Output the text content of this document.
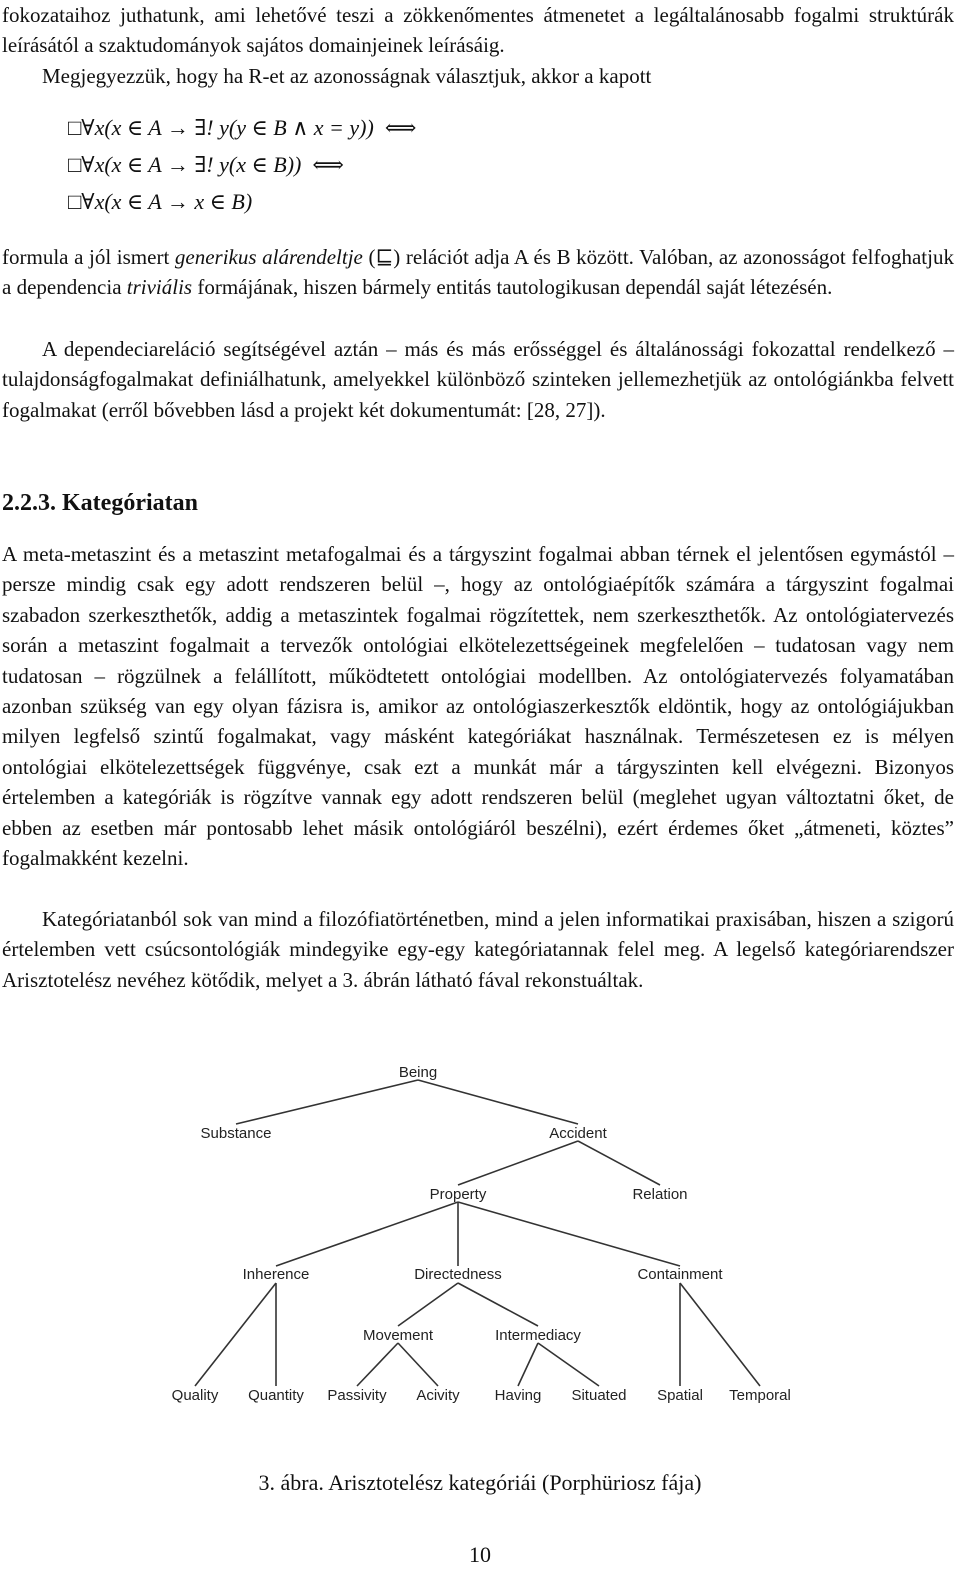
fokozataihoz juthatunk, ami lehetővé teszi a zökkenőmentes átmenetet a legáltalánosabb fogalmi struktúrák leírásától a szaktudományok sajátos domainjeinek leírásáig.

Megjegyezzük, hogy ha R-et az azonosságnak választjuk, akkor a kapott

□∀x(x ∈ A → ∃! y(y ∈ B ∧ x = y))  ⟺
□∀x(x ∈ A → ∃! y(x ∈ B))  ⟺
□∀x(x ∈ A → x ∈ B)

formula a jól ismert generikus alárendeltje (⊑) relációt adja A és B között. Valóban, az azonosságot felfoghatjuk a dependencia triviális formájának, hiszen bármely entitás tautologikusan dependál saját létezésén.

A dependeciareláció segítségével aztán – más és más erősséggel és általánossági fokozattal rendelkező – tulajdonságfogalmakat definiálhatunk, amelyekkel különböző szinteken jellemezhetjük az ontológiánkba felvett fogalmakat (erről bővebben lásd a projekt két dokumentumát: [28, 27]).

2.2.3. Kategóriatan

A meta-metaszint és a metaszint metafogalmai és a tárgyszint fogalmai abban térnek el jelentősen egymástól – persze mindig csak egy adott rendszeren belül –, hogy az ontológiaépítők számára a tárgyszint fogalmai szabadon szerkeszthetők, addig a metaszintek fogalmai rögzítettek, nem szerkeszthetők. Az ontológiatervezés során a metaszint fogalmait a tervezők ontológiai elkötelezettségeinek megfelelően – tudatosan vagy nem tudatosan – rögzülnek a felállított, működtetett ontológiai modellben. Az ontológiatervezés folyamatában azonban szükség van egy olyan fázisra is, amikor az ontológiaszerkesztők eldöntik, hogy az ontológiájukban milyen legfelső szintű fogalmakat, vagy másként kategóriákat használnak. Természetesen ez is mélyen ontológiai elkötelezettségek függvénye, csak ezt a munkát már a tárgyszinten kell elvégezni. Bizonyos értelemben a kategóriák is rögzítve vannak egy adott rendszeren belül (meglehet ugyan változtatni őket, de ebben az esetben már pontosabb lehet másik ontológiáról beszélni), ezért érdemes őket „átmeneti, köztes” fogalmakként kezelni.

Kategóriatanból sok van mind a filozófiatörténetben, mind a jelen informatikai praxisában, hiszen a szigorú értelemben vett csúcsontológiák mindegyike egy-egy kategóriatannak felel meg. A legelső kategóriarendszer Arisztotelész nevéhez kötődik, melyet a 3. ábrán látható fával rekonstuáltak.

Being
Substance	Accident
Property	Relation
Inherence	Directedness	Containment
Movement	Intermediacy
Quality Quantity Passivity Acivity Having Situated Spatial Temporal
3. ábra. Arisztotelész kategóriái (Porphüriosz fája)
10
